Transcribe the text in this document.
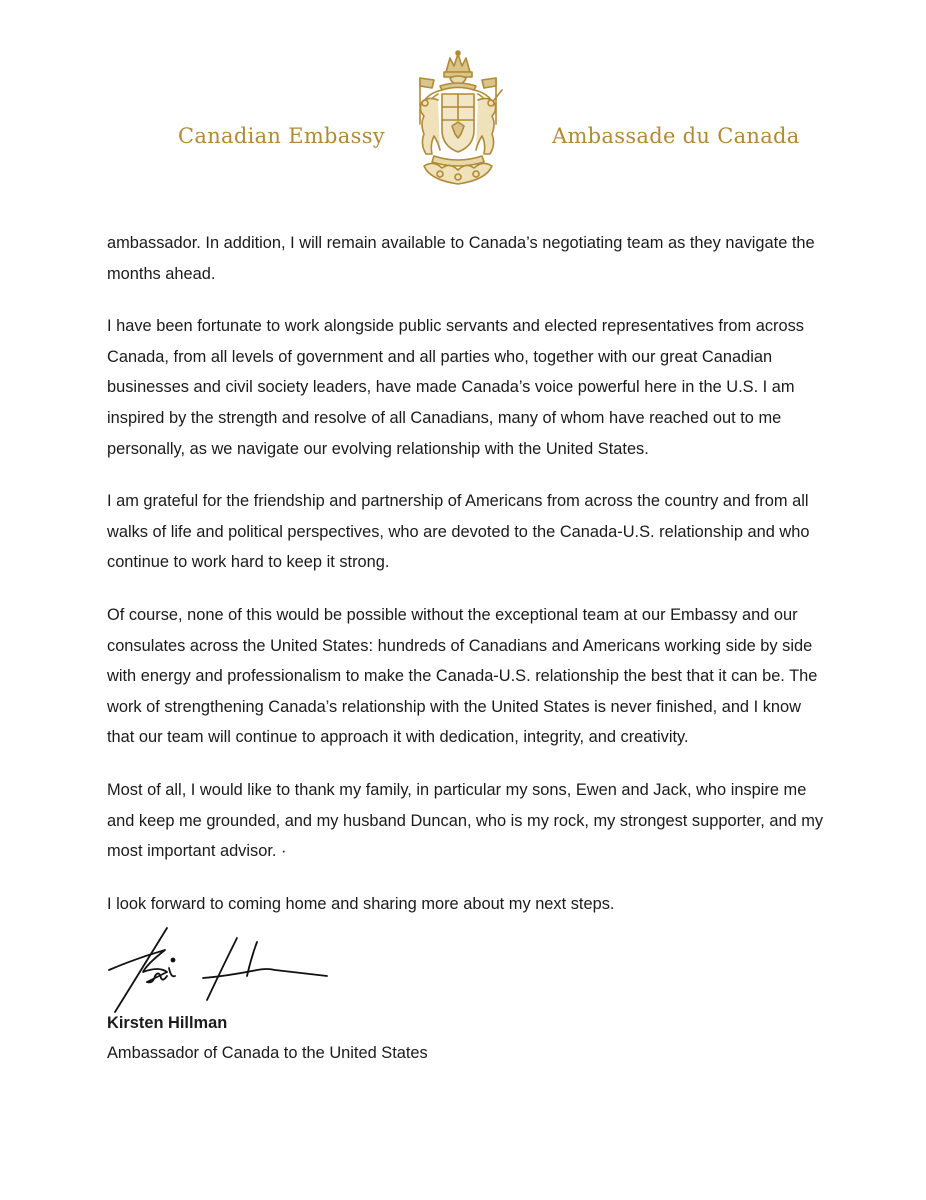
Canadian Embassy	Ambassade du Canada

ambassador. In addition, I will remain available to Canada’s negotiating team as they navigate the months ahead.

I have been fortunate to work alongside public servants and elected representatives from across Canada, from all levels of government and all parties who, together with our great Canadian businesses and civil society leaders, have made Canada’s voice powerful here in the U.S. I am inspired by the strength and resolve of all Canadians, many of whom have reached out to me personally, as we navigate our evolving relationship with the United States.

I am grateful for the friendship and partnership of Americans from across the country and from all walks of life and political perspectives, who are devoted to the Canada-U.S. relationship and who continue to work hard to keep it strong.

Of course, none of this would be possible without the exceptional team at our Embassy and our consulates across the United States: hundreds of Canadians and Americans working side by side with energy and professionalism to make the Canada-U.S. relationship the best that it can be. The work of strengthening Canada’s relationship with the United States is never finished, and I know that our team will continue to approach it with dedication, integrity, and creativity.

Most of all, I would like to thank my family, in particular my sons, Ewen and Jack, who inspire me and keep me grounded, and my husband Duncan, who is my rock, my strongest supporter, and my most important advisor. ·

I look forward to coming home and sharing more about my next steps.

Kirsten Hillman
Ambassador of Canada to the United States
